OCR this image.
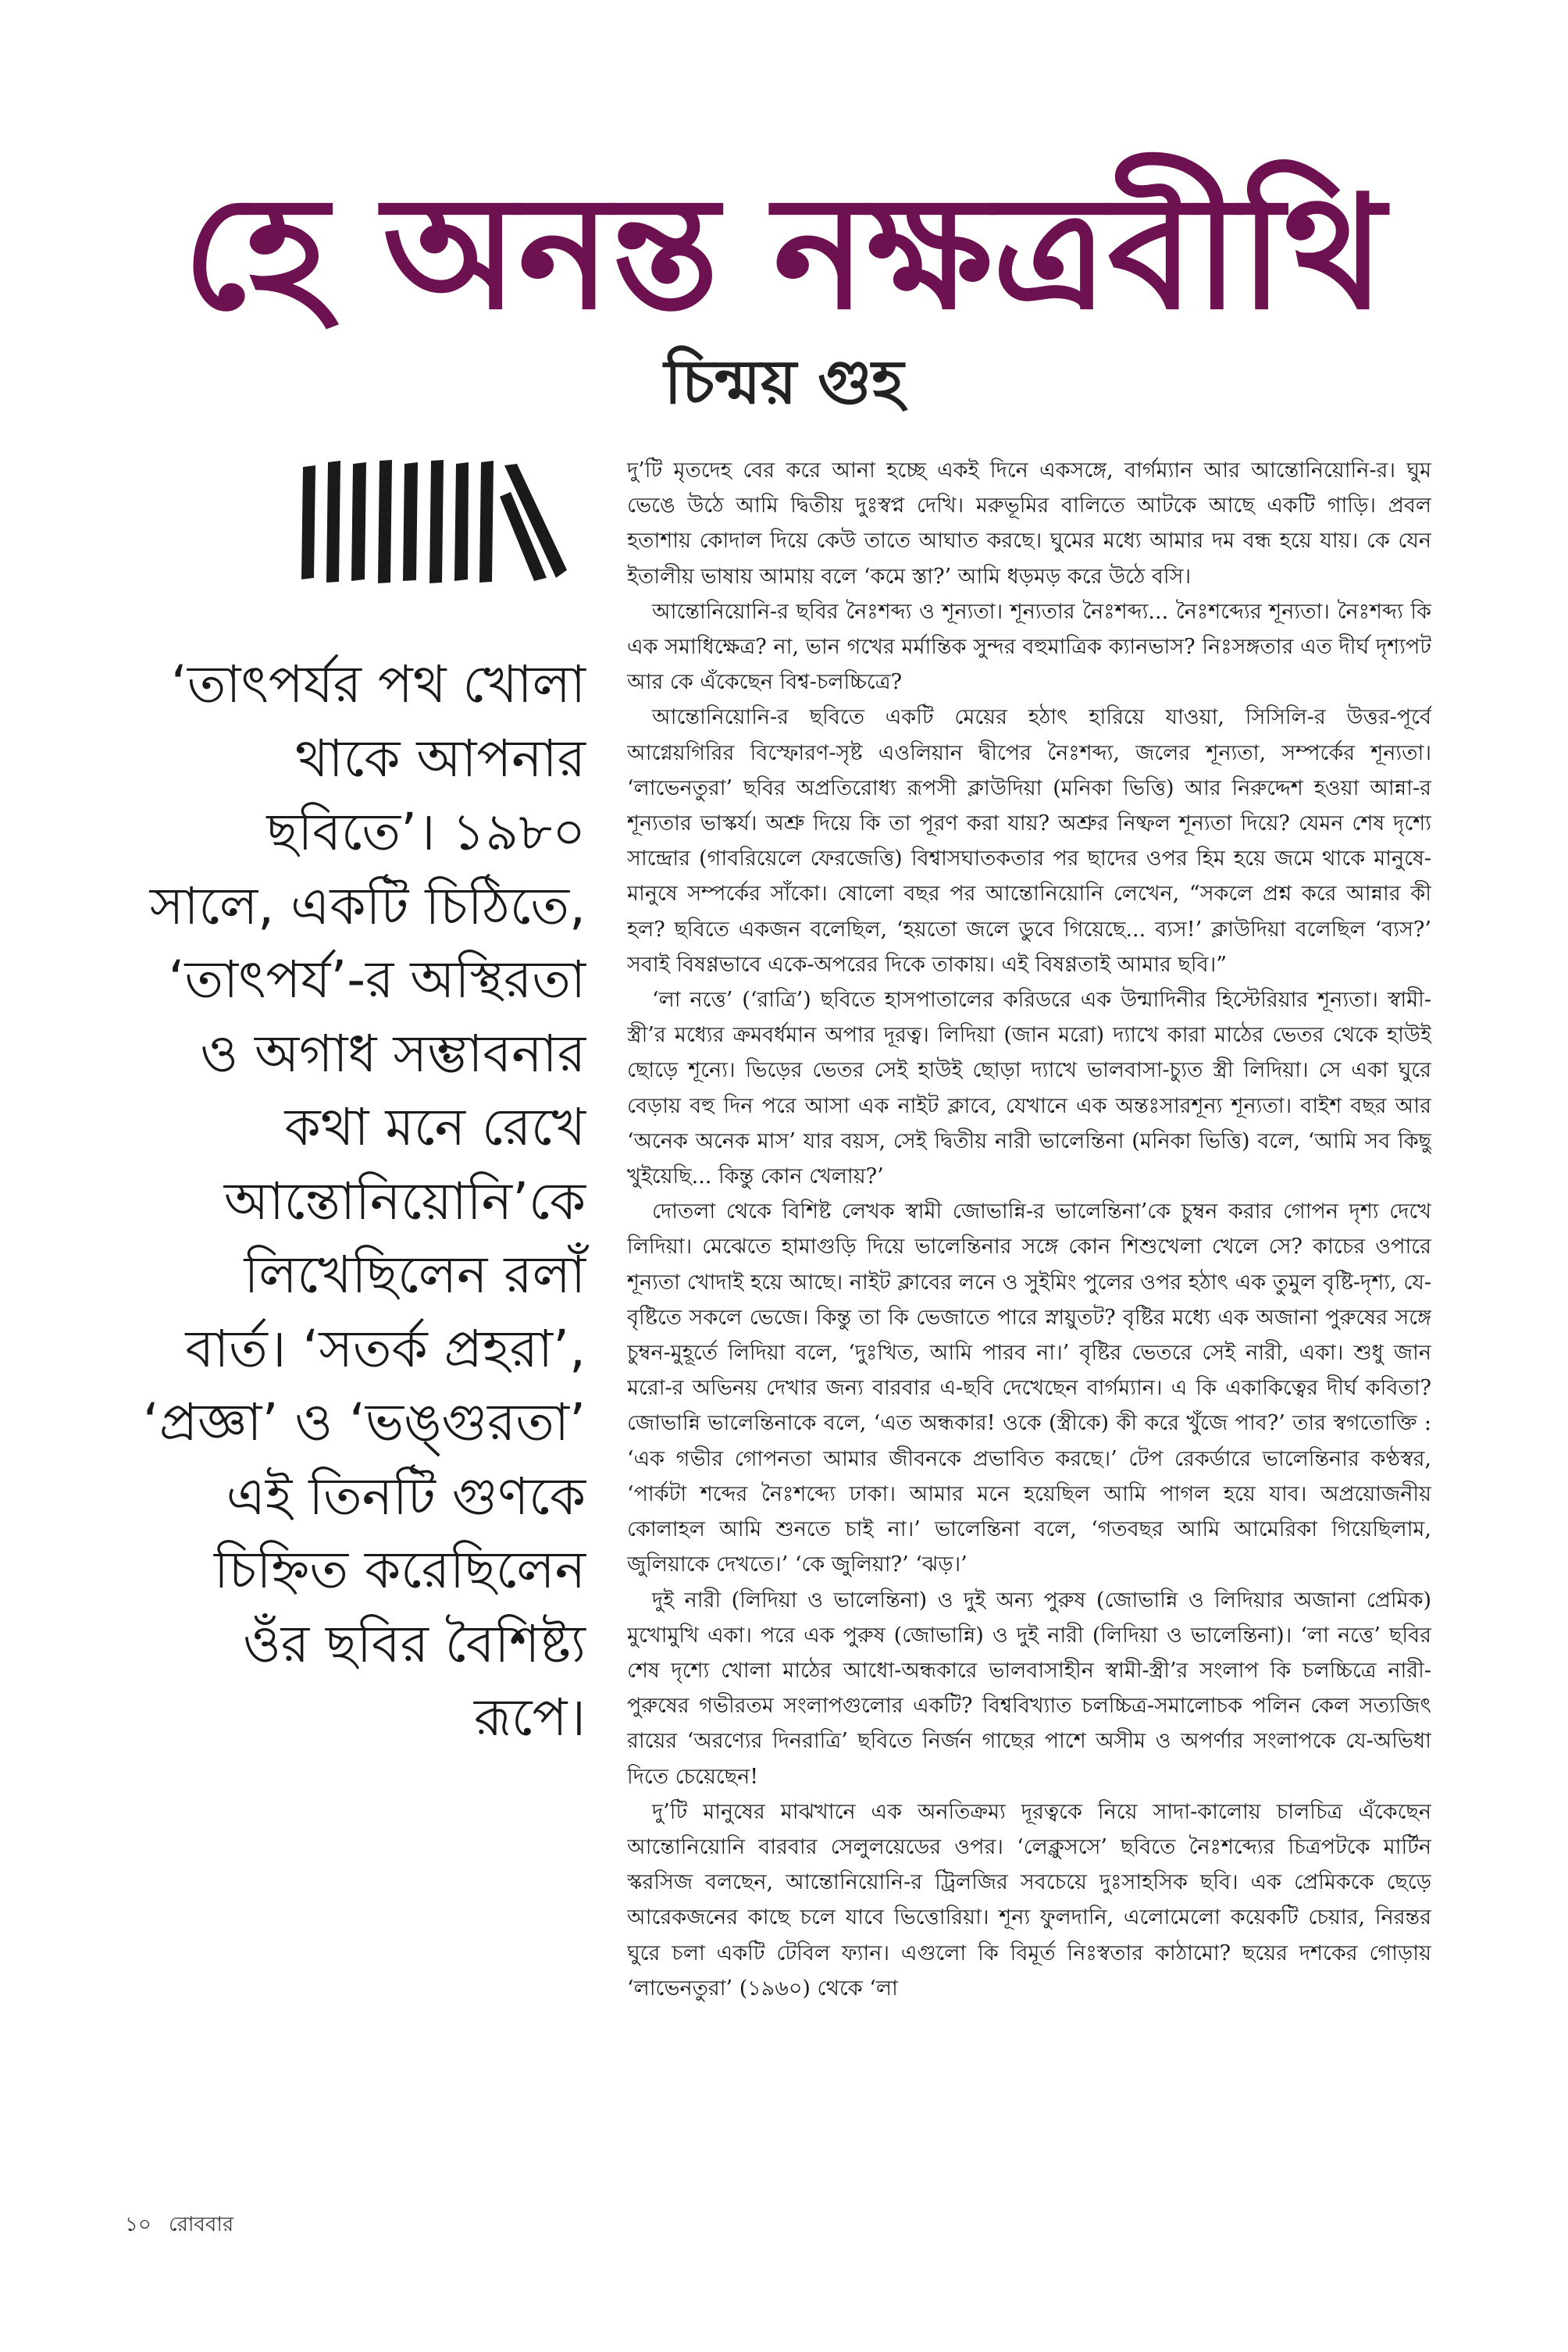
হে অনন্ত নক্ষত্রবীথি
চিন্ময় গুহ

‘তাৎপর্যর পথ খোলা থাকে আপনার ছবিতে’। ১৯৮০ সালে, একটি চিঠিতে, ‘তাৎপর্য’-র অস্থিরতা ও অগাধ সম্ভাবনার কথা মনে রেখে আন্তোনিয়োনি’কে লিখেছিলেন রলাঁ বার্ত। ‘সতর্ক প্রহরা’, ‘প্রজ্ঞা’ ও ‘ভঙ্গুরতা’ এই তিনটি গুণকে চিহ্নিত করেছিলেন ওঁর ছবির বৈশিষ্ট্য রূপে।

দু’টি মৃতদেহ বের করে আনা হচ্ছে একই দিনে একসঙ্গে, বার্গম্যান আর আন্তোনিয়োনি-র। ঘুম ভেঙে উঠে আমি দ্বিতীয় দুঃস্বপ্ন দেখি। মরুভূমির বালিতে আটকে আছে একটি গাড়ি। প্রবল হতাশায় কোদাল দিয়ে কেউ তাতে আঘাত করছে। ঘুমের মধ্যে আমার দম বন্ধ হয়ে যায়। কে যেন ইতালীয় ভাষায় আমায় বলে ‘কমে স্তা?’ আমি ধড়মড় করে উঠে বসি।

আন্তোনিয়োনি-র ছবির নৈঃশব্দ্য ও শূন্যতা। শূন্যতার নৈঃশব্দ্য... নৈঃশব্দ্যের শূন্যতা। নৈঃশব্দ্য কি এক সমাধিক্ষেত্র? না, ভান গখের মর্মান্তিক সুন্দর বহুমাত্রিক ক্যানভাস? নিঃসঙ্গতার এত দীর্ঘ দৃশ্যপট আর কে এঁকেছেন বিশ্ব-চলচ্চিত্রে?

আন্তোনিয়োনি-র ছবিতে একটি মেয়ের হঠাৎ হারিয়ে যাওয়া, সিসিলি-র উত্তর-পূর্বে আগ্নেয়গিরির বিস্ফোরণ-সৃষ্ট এওলিয়ান দ্বীপের নৈঃশব্দ্য, জলের শূন্যতা, সম্পর্কের শূন্যতা। ‘লাভেনতুরা’ ছবির অপ্রতিরোধ্য রূপসী ক্লাউদিয়া (মনিকা ভিত্তি) আর নিরুদ্দেশ হওয়া আন্না-র শূন্যতার ভাস্কর্য। অশ্রু দিয়ে কি তা পূরণ করা যায়? অশ্রুর নিষ্ফল শূন্যতা দিয়ে? যেমন শেষ দৃশ্যে সান্দ্রোর (গাবরিয়েলে ফেরজেত্তি) বিশ্বাসঘাতকতার পর ছাদের ওপর হিম হয়ে জমে থাকে মানুষে-মানুষে সম্পর্কের সাঁকো। ষোলো বছর পর আন্তোনিয়োনি লেখেন, “সকলে প্রশ্ন করে আন্নার কী হল? ছবিতে একজন বলেছিল, ‘হয়তো জলে ডুবে গিয়েছে... ব্যস!’ ক্লাউদিয়া বলেছিল ‘ব্যস?’ সবাই বিষণ্ণভাবে একে-অপরের দিকে তাকায়। এই বিষণ্ণতাই আমার ছবি।”

‘লা নত্তে’ (‘রাত্রি’) ছবিতে হাসপাতালের করিডরে এক উন্মাদিনীর হিস্টেরিয়ার শূন্যতা। স্বামী-স্ত্রী’র মধ্যের ক্রমবর্ধমান অপার দূরত্ব। লিদিয়া (জান মরো) দ্যাখে কারা মাঠের ভেতর থেকে হাউই ছোড়ে শূন্যে। ভিড়ের ভেতর সেই হাউই ছোড়া দ্যাখে ভালবাসা-চ্যুত স্ত্রী লিদিয়া। সে একা ঘুরে বেড়ায় বহু দিন পরে আসা এক নাইট ক্লাবে, যেখানে এক অন্তঃসারশূন্য শূন্যতা। বাইশ বছর আর ‘অনেক অনেক মাস’ যার বয়স, সেই দ্বিতীয় নারী ভালেন্তিনা (মনিকা ভিত্তি) বলে, ‘আমি সব কিছু খুইয়েছি... কিন্তু কোন খেলায়?’

দোতলা থেকে বিশিষ্ট লেখক স্বামী জোভান্নি-র ভালেন্তিনা’কে চুম্বন করার গোপন দৃশ্য দেখে লিদিয়া। মেঝেতে হামাগুড়ি দিয়ে ভালেন্তিনার সঙ্গে কোন শিশুখেলা খেলে সে? কাচের ওপারে শূন্যতা খোদাই হয়ে আছে। নাইট ক্লাবের লনে ও সুইমিং পুলের ওপর হঠাৎ এক তুমুল বৃষ্টি-দৃশ্য, যে-বৃষ্টিতে সকলে ভেজে। কিন্তু তা কি ভেজাতে পারে স্নায়ুতট? বৃষ্টির মধ্যে এক অজানা পুরুষের সঙ্গে চুম্বন-মুহূর্তে লিদিয়া বলে, ‘দুঃখিত, আমি পারব না।’ বৃষ্টির ভেতরে সেই নারী, একা। শুধু জান মরো-র অভিনয় দেখার জন্য বারবার এ-ছবি দেখেছেন বার্গম্যান। এ কি একাকিত্বের দীর্ঘ কবিতা? জোভান্নি ভালেন্তিনাকে বলে, ‘এত অন্ধকার! ওকে (স্ত্রীকে) কী করে খুঁজে পাব?’ তার স্বগতোক্তি : ‘এক গভীর গোপনতা আমার জীবনকে প্রভাবিত করছে।’ টেপ রেকর্ডারে ভালেন্তিনার কণ্ঠস্বর, ‘পার্কটা শব্দের নৈঃশব্দ্যে ঢাকা। আমার মনে হয়েছিল আমি পাগল হয়ে যাব। অপ্রয়োজনীয় কোলাহল আমি শুনতে চাই না।’ ভালেন্তিনা বলে, ‘গতবছর আমি আমেরিকা গিয়েছিলাম, জুলিয়াকে দেখতে।’ ‘কে জুলিয়া?’ ‘ঝড়।’

দুই নারী (লিদিয়া ও ভালেন্তিনা) ও দুই অন্য পুরুষ (জোভান্নি ও লিদিয়ার অজানা প্রেমিক) মুখোমুখি একা। পরে এক পুরুষ (জোভান্নি) ও দুই নারী (লিদিয়া ও ভালেন্তিনা)। ‘লা নত্তে’ ছবির শেষ দৃশ্যে খোলা মাঠের আধো-অন্ধকারে ভালবাসাহীন স্বামী-স্ত্রী’র সংলাপ কি চলচ্চিত্রে নারী-পুরুষের গভীরতম সংলাপগুলোর একটি? বিশ্ববিখ্যাত চলচ্চিত্র-সমালোচক পলিন কেল সত্যজিৎ রায়ের ‘অরণ্যের দিনরাত্রি’ ছবিতে নির্জন গাছের পাশে অসীম ও অপর্ণার সংলাপকে যে-অভিধা দিতে চেয়েছেন!

দু’টি মানুষের মাঝখানে এক অনতিক্রম্য দূরত্বকে নিয়ে সাদা-কালোয় চালচিত্র এঁকেছেন আন্তোনিয়োনি বারবার সেলুলয়েডের ওপর। ‘লেক্লুসসে’ ছবিতে নৈঃশব্দ্যের চিত্রপটকে মার্টিন স্করসিজ বলছেন, আন্তোনিয়োনি-র ট্রিলজির সবচেয়ে দুঃসাহসিক ছবি। এক প্রেমিককে ছেড়ে আরেকজনের কাছে চলে যাবে ভিত্তোরিয়া। শূন্য ফুলদানি, এলোমেলো কয়েকটি চেয়ার, নিরন্তর ঘুরে চলা একটি টেবিল ফ্যান। এগুলো কি বিমূর্ত নিঃস্বতার কাঠামো? ছয়ের দশকের গোড়ায় ‘লাভেনতুরা’ (১৯৬০) থেকে ‘লা

১০ রোববার
